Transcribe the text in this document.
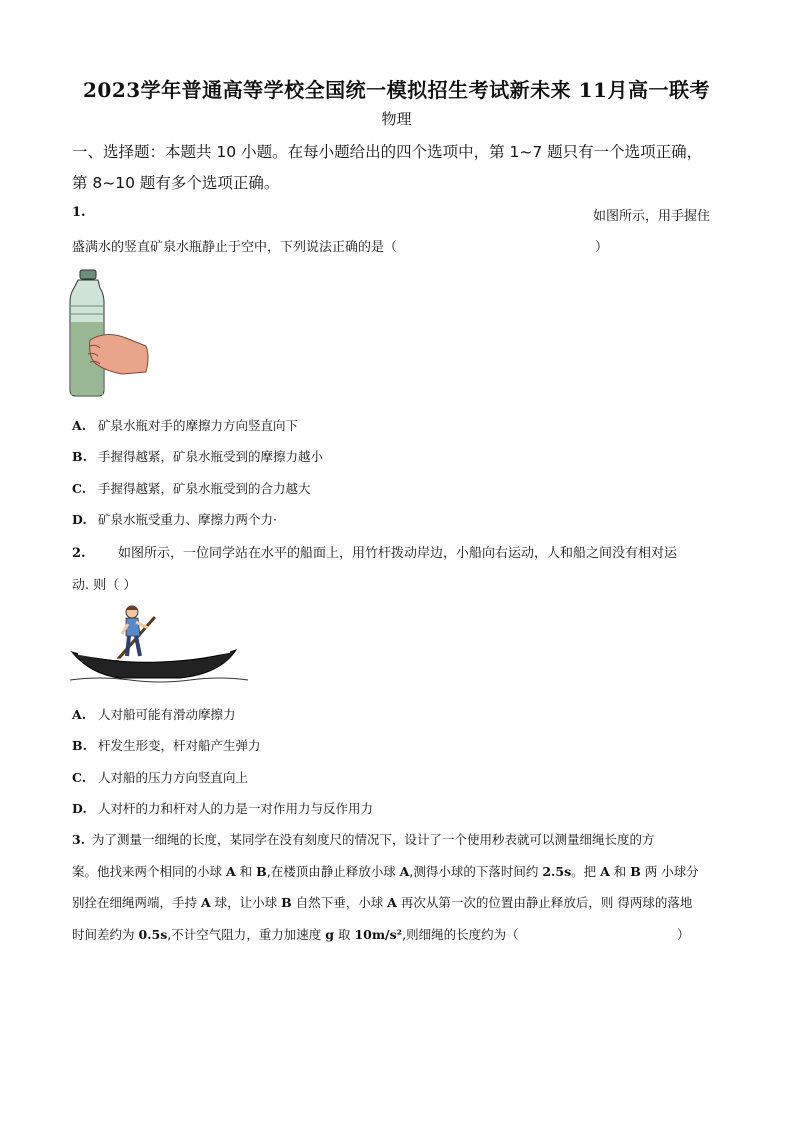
2023学年普通高等学校全国统一模拟招生考试新未来 11月高一联考
物理
一、选择题：本题共 10 小题。在每小题给出的四个选项中，第 1~7 题只有一个选项正确，
第 8~10 题有多个选项正确。
1.	如图所示，用手握住
盛满水的竖直矿泉水瓶静止于空中，下列说法正确的是（	）
A. 矿泉水瓶对手的摩擦力方向竖直向下
B. 手握得越紧，矿泉水瓶受到的摩擦力越小
C. 手握得越紧，矿泉水瓶受到的合力越大
D. 矿泉水瓶受重力、摩擦力两个力·
2. 如图所示，一位同学站在水平的船面上，用竹杆拨动岸边，小船向右运动，人和船之间没有相对运
动. 则（ ）
A. 人对船可能有滑动摩擦力
B. 杆发生形变，杆对船产生弹力
C. 人对船的压力方向竖直向上
D. 人对杆的力和杆对人的力是一对作用力与反作用力
3. 为了测量一细绳的长度，某同学在没有刻度尺的情况下，设计了一个使用秒表就可以测量细绳长度的方
案。他找来两个相同的小球 A 和 B,在楼顶由静止释放小球 A,测得小球的下落时间约 2.5s。把 A 和 B 两 小球分
别拴在细绳两端，手持 A 球，让小球 B 自然下垂，小球 A 再次从第一次的位置由静止释放后，则 得两球的落地
时间差约为 0.5s,不计空气阻力，重力加速度 g 取 10m/s²,则细绳的长度约为（	）
